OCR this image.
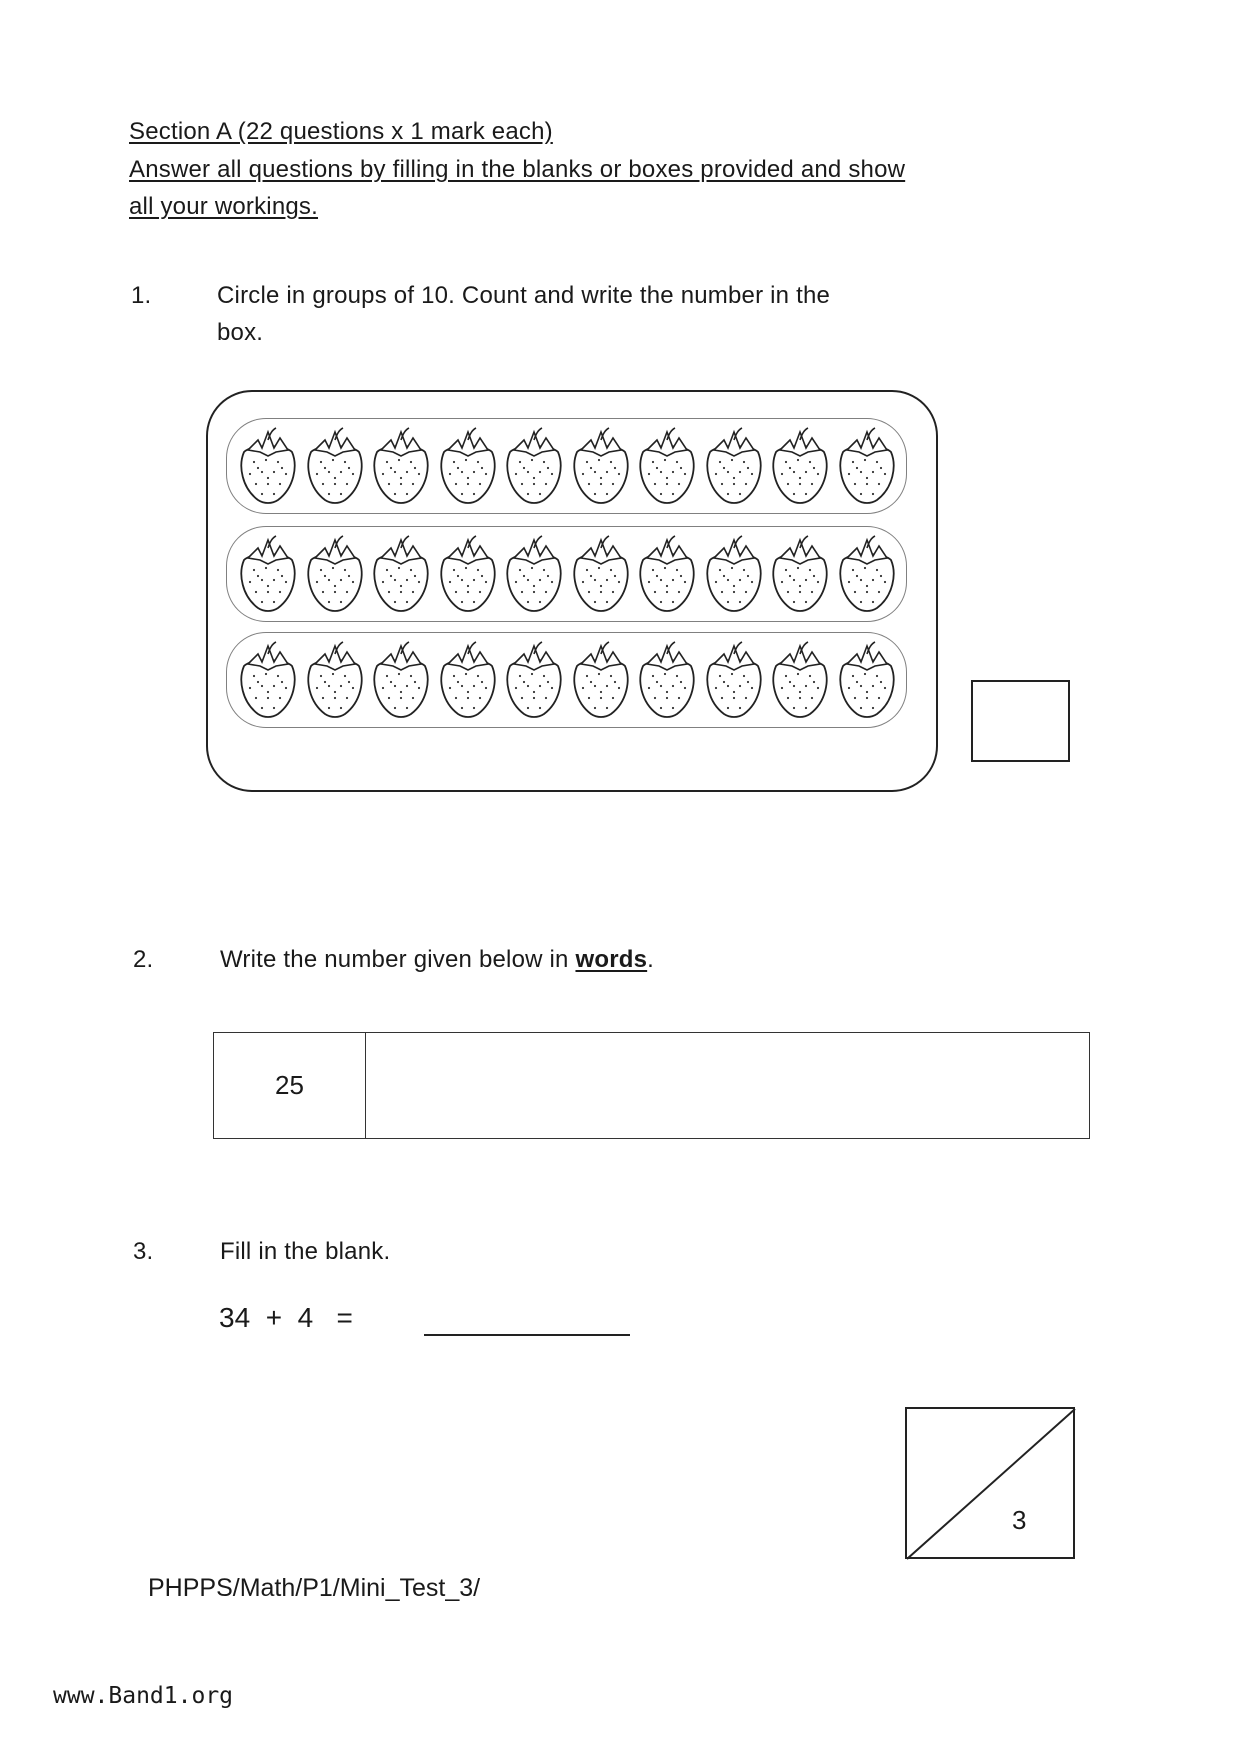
Section A (22 questions x 1 mark each)
Answer all questions by filling in the blanks or boxes provided and show
all your workings.
1.	Circle in groups of 10. Count and write the number in the
box.
2.	Write the number given below in words.
25
3.	Fill in the blank.
34  +  4   =
3
PHPPS/Math/P1/Mini_Test_3/
www.Band1.org
